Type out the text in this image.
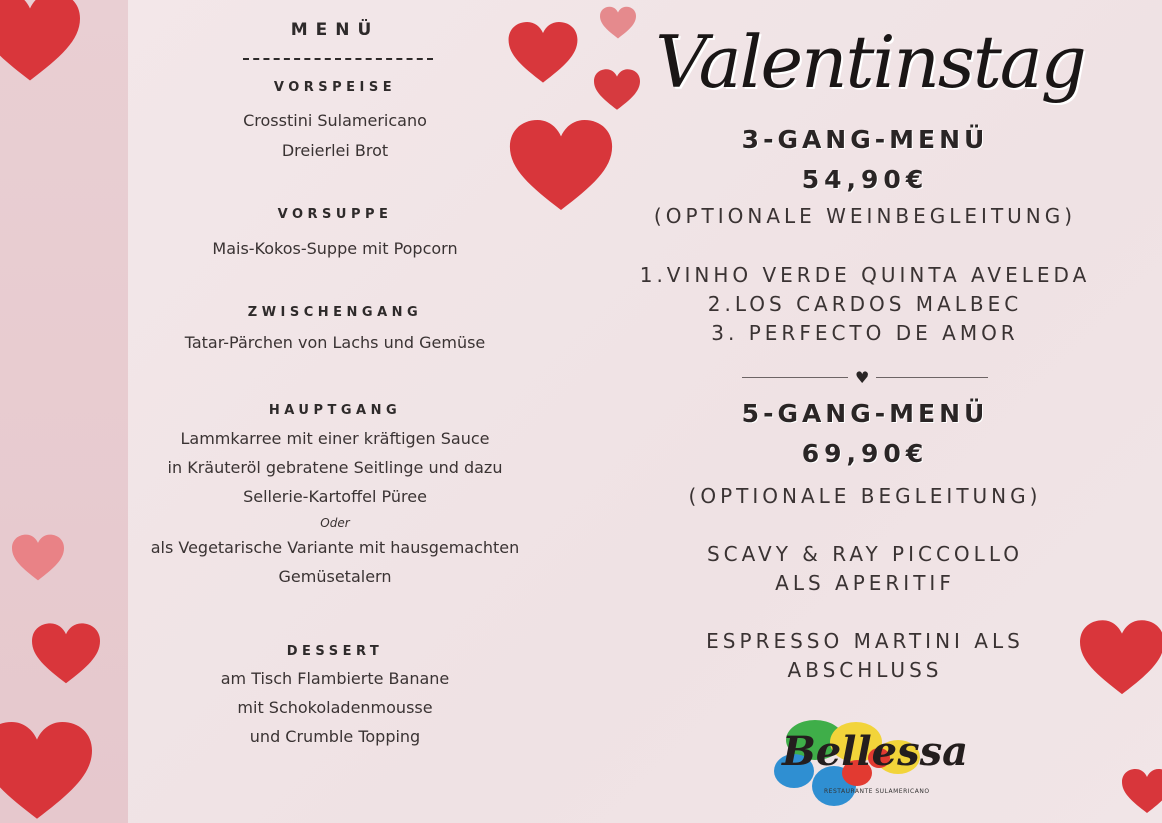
MENÜ
VORSPEISE
Crosstini Sulamericano
Dreierlei Brot
VORSUPPE
Mais-Kokos-Suppe mit Popcorn
ZWISCHENGANG
Tatar-Pärchen von Lachs und Gemüse
HAUPTGANG
Lammkarree mit einer kräftigen Sauce
in Kräuteröl gebratene Seitlinge und dazu
Sellerie-Kartoffel Püree
Oder
als Vegetarische Variante mit hausgemachten
Gemüsetalern
DESSERT
am Tisch Flambierte Banane
mit Schokoladenmousse
und Crumble Topping
Valentinstag
3-GANG-MENÜ
54,90€
(OPTIONALE WEINBEGLEITUNG)
1.VINHO VERDE QUINTA AVELEDA
2.LOS CARDOS MALBEC
3. PERFECTO DE AMOR
5-GANG-MENÜ
69,90€
(OPTIONALE BEGLEITUNG)
SCAVY & RAY PICCOLLO
ALS APERITIF
ESPRESSO MARTINI ALS
ABSCHLUSS
♥
Bellessa
RESTAURANTE SULAMERICANO
